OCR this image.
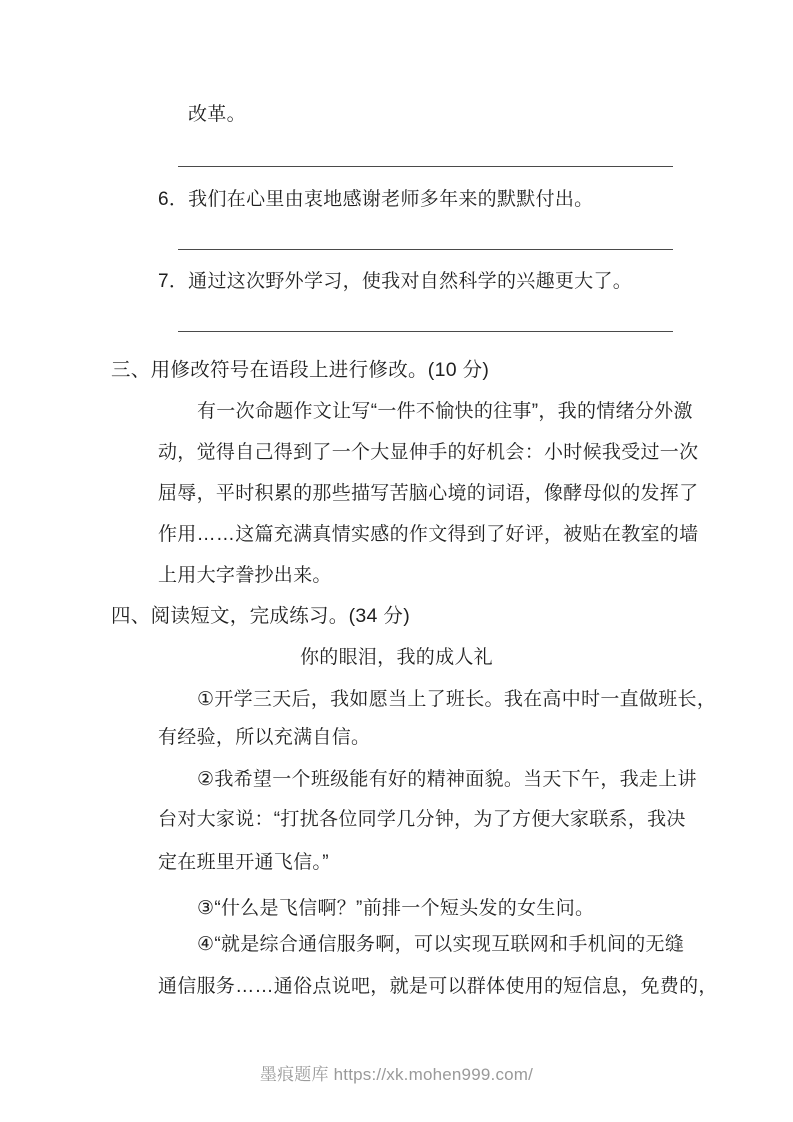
改革。
6．我们在心里由衷地感谢老师多年来的默默付出。
7．通过这次野外学习，使我对自然科学的兴趣更大了。
三、用修改符号在语段上进行修改。(10 分)
有一次命题作文让写“一件不愉快的往事”，我的情绪分外激
动，觉得自己得到了一个大显伸手的好机会：小时候我受过一次
屈辱，平时积累的那些描写苦脑心境的词语，像酵母似的发挥了
作用……这篇充满真情实感的作文得到了好评，被贴在教室的墙
上用大字誊抄出来。
四、阅读短文，完成练习。(34 分)
你的眼泪，我的成人礼
①开学三天后，我如愿当上了班长。我在高中时一直做班长，
有经验，所以充满自信。
②我希望一个班级能有好的精神面貌。当天下午，我走上讲
台对大家说：“打扰各位同学几分钟，为了方便大家联系，我决
定在班里开通飞信。”
③“什么是飞信啊？”前排一个短头发的女生问。
④“就是综合通信服务啊，可以实现互联网和手机间的无缝
通信服务……通俗点说吧，就是可以群体使用的短信息，免费的，
墨痕题库 https://xk.mohen999.com/
